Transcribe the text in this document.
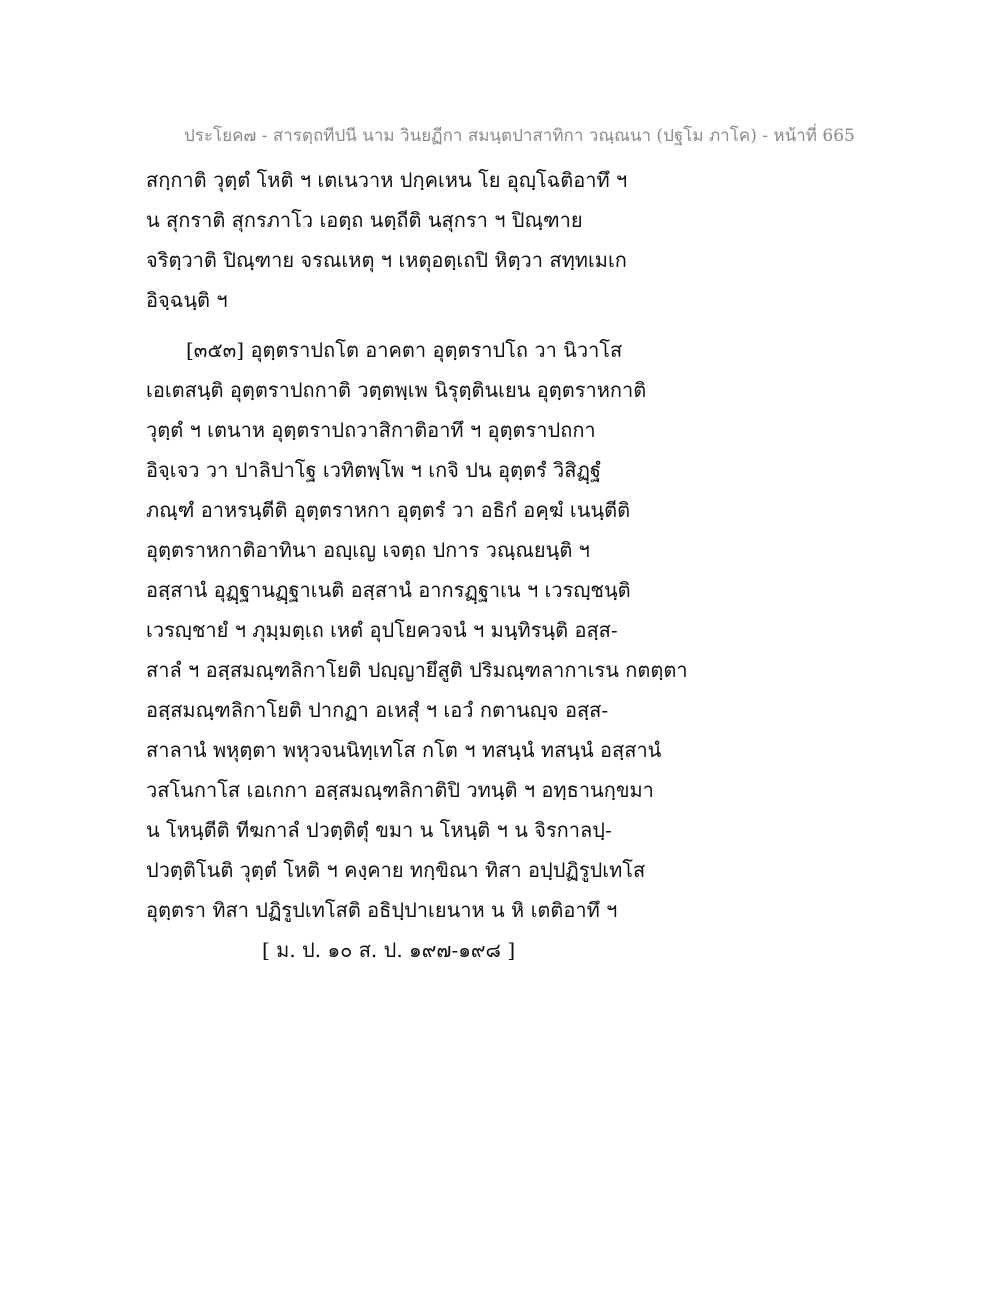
ประโยค๗ - สารตฺถทีปนี นาม วินยฏีกา สมนฺตปาสาทิกา วณฺณนา (ปฐโม ภาโค) - หน้าที่ 665
สกฺกาติ วุตฺตํ โหติ ฯ เตเนวาห ปกฺคเหน โย อุญฺโฉติอาทึ ฯ
น สุกราติ สุกรภาโว เอตฺถ นตฺถีติ นสุกรา ฯ ปิณฺฑาย
จริตฺวาติ ปิณฺฑาย จรณเหตุ ฯ เหตุอตฺเถปิ หิตฺวา สทฺทเมเก
อิจฺฉนฺติ ฯ
[๓๕๓] อุตฺตราปถโต อาคตา อุตฺตราปโถ วา นิวาโส
เอเตสนฺติ อุตฺตราปถกาติ วตฺตพฺเพ นิรุตฺตินเยน อุตฺตราหกาติ
วุตฺตํ ฯ เตนาห อุตฺตราปถวาสิกาติอาทึ ฯ อุตฺตราปถกา
อิจฺเจว วา ปาลิปาโฐ เวทิตพฺโพ ฯ เกจิ ปน อุตฺตรํ วิสิฏฺฐํ
ภณฺฑํ อาหรนฺตีติ อุตฺตราหกา อุตฺตรํ วา อธิกํ อคฺฆํ เนนฺตีติ
อุตฺตราหกาติอาทินา อญฺเญ เจตฺถ ปการ วณฺณยนฺติ ฯ
อสฺสานํ อุฏฺฐานฏฺฐาเนติ อสฺสานํ อากรฏฺฐาเน ฯ เวรญฺชนฺติ
เวรญฺชายํ ฯ ภุมฺมตฺเถ เหตํ อุปโยควจนํ ฯ มนฺทิรนฺติ อสฺส-
สาลํ ฯ อสฺสมณฺฑลิกาโยติ ปญฺญายึสูติ ปริมณฺฑลากาเรน กตตฺตา
อสฺสมณฺฑลิกาโยติ ปากฏา อเหสุํ ฯ เอวํ กตานญฺจ อสฺส-
สาลานํ พหุตฺตา พหุวจนนิทฺเทโส กโต ฯ ทสนฺนํ ทสนฺนํ อสฺสานํ
วสโนกาโส เอเกกา อสฺสมณฺฑลิกาติปิ วทนฺติ ฯ อทฺธานกฺขมา
น โหนฺตีติ ทีฆกาลํ ปวตฺติตุํ ขมา น โหนฺติ ฯ น จิรกาลปฺ-
ปวตฺติโนติ วุตฺตํ โหติ ฯ คงฺคาย ทกฺขิณา ทิสา อปฺปฏิรูปเทโส
อุตฺตรา ทิสา ปฏิรูปเทโสติ อธิปฺปาเยนาห น หิ เตติอาทึ ฯ
[ ม. ป. ๑๐ ส. ป. ๑๙๗-๑๙๘ ]
